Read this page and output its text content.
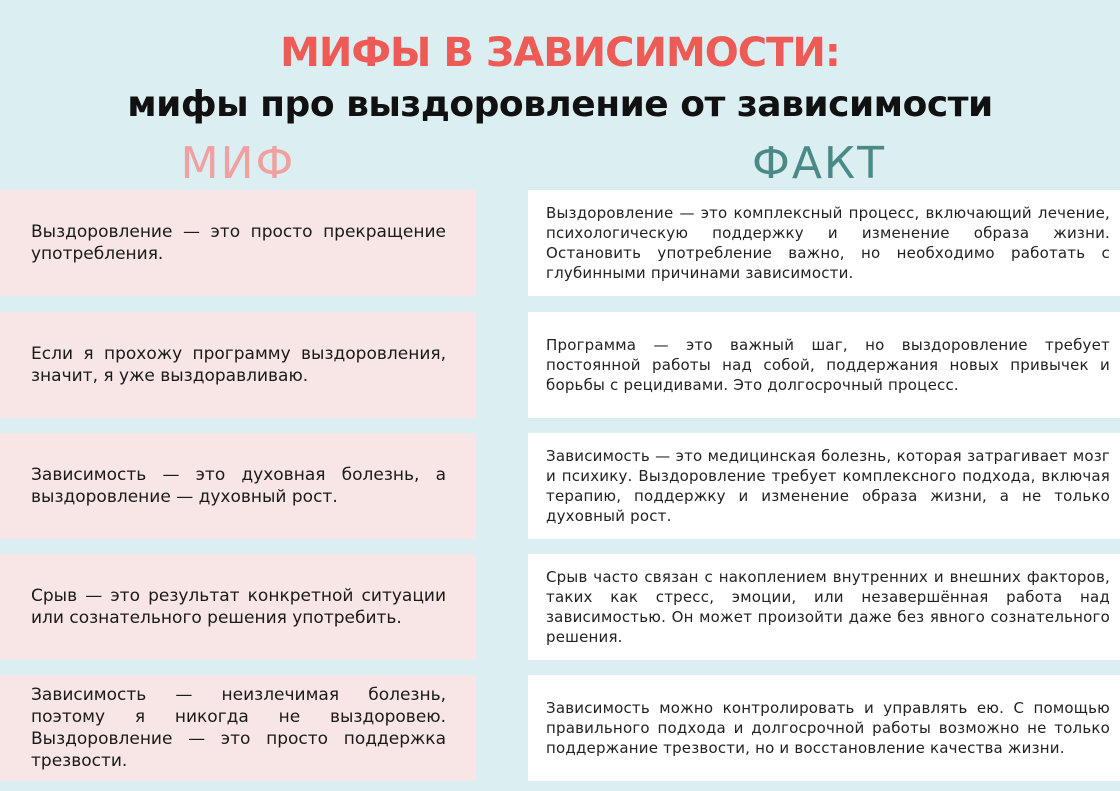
МИФЫ В ЗАВИСИМОСТИ:
мифы про выздоровление от зависимости
МИФ	ФАКТ
Выздоровление — это просто прекращение употребления.
Выздоровление — это комплексный процесс, включающий лечение, психологическую поддержку и изменение образа жизни. Остановить употребление важно, но необходимо работать с глубинными причинами зависимости.
Если я прохожу программу выздоровления, значит, я уже выздоравливаю.
Программа — это важный шаг, но выздоровление требует постоянной работы над собой, поддержания новых привычек и борьбы с рецидивами. Это долгосрочный процесс.
Зависимость — это духовная болезнь, а выздоровление — духовный рост.
Зависимость — это медицинская болезнь, которая затрагивает мозг и психику. Выздоровление требует комплексного подхода, включая терапию, поддержку и изменение образа жизни, а не только духовный рост.
Срыв — это результат конкретной ситуации или сознательного решения употребить.
Срыв часто связан с накоплением внутренних и внешних факторов, таких как стресс, эмоции, или незавершённая работа над зависимостью. Он может произойти даже без явного сознательного решения.
Зависимость — неизлечимая болезнь, поэтому я никогда не выздоровею. Выздоровление — это просто поддержка трезвости.
Зависимость можно контролировать и управлять ею. С помощью правильного подхода и долгосрочной работы возможно не только поддержание трезвости, но и восстановление качества жизни.
